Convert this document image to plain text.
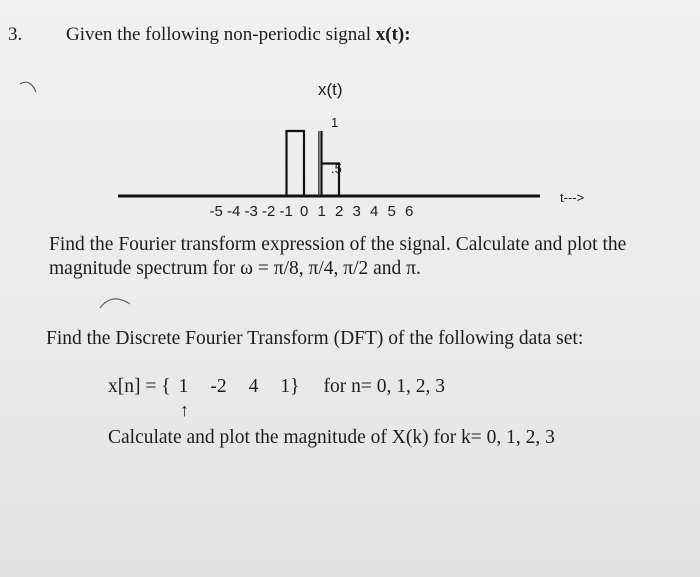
3. Given the following non-periodic signal x(t):
x(t)
t--->
-5 -4 -3 -2 -1 0 1 2 3 4 5 6
1
.5
Find the Fourier transform expression of the signal. Calculate and plot the
magnitude spectrum for ω = π/8, π/4, π/2 and π.
Find the Discrete Fourier Transform (DFT) of the following data set:
x[n] = { 1 -2 4 1} for n= 0, 1, 2, 3
↑
Calculate and plot the magnitude of X(k) for k= 0, 1, 2, 3
